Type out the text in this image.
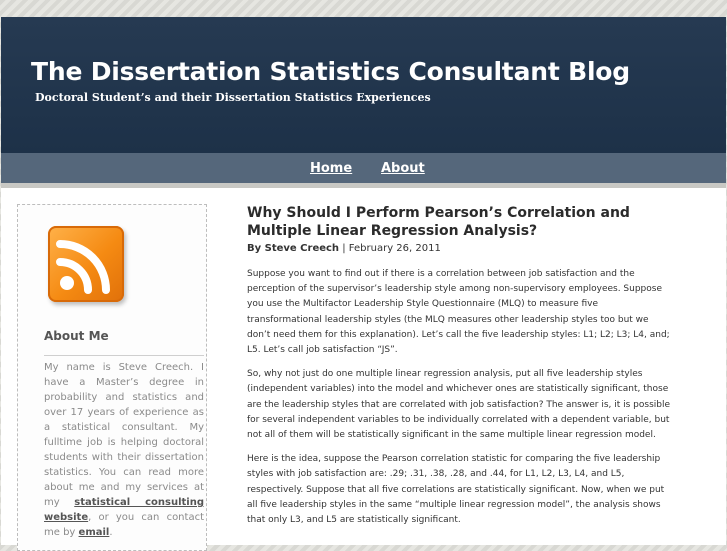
The Dissertation Statistics Consultant Blog
Doctoral Student’s and their Dissertation Statistics Experiences
Home About
About Me

My name is Steve Creech. I have a Master’s degree in probability and statistics and over 17 years of experience as a statistical consultant. My fulltime job is helping doctoral students with their dissertation statistics. You can read more about me and my services at my statistical consulting website, or you can contact me by email.

Why Should I Perform Pearson’s Correlation and Multiple Linear Regression Analysis?
By Steve Creech | February 26, 2011

Suppose you want to find out if there is a correlation between job satisfaction and the perception of the supervisor’s leadership style among non-supervisory employees. Suppose you use the Multifactor Leadership Style Questionnaire (MLQ) to measure five transformational leadership styles (the MLQ measures other leadership styles too but we don’t need them for this explanation). Let’s call the five leadership styles: L1; L2; L3; L4, and; L5. Let’s call job satisfaction “JS”.

So, why not just do one multiple linear regression analysis, put all five leadership styles (independent variables) into the model and whichever ones are statistically significant, those are the leadership styles that are correlated with job satisfaction? The answer is, it is possible for several independent variables to be individually correlated with a dependent variable, but not all of them will be statistically significant in the same multiple linear regression model.

Here is the idea, suppose the Pearson correlation statistic for comparing the five leadership styles with job satisfaction are: .29; .31, .38, .28, and .44, for L1, L2, L3, L4, and L5, respectively. Suppose that all five correlations are statistically significant. Now, when we put all five leadership styles in the same “multiple linear regression model”, the analysis shows that only L3, and L5 are statistically significant.
